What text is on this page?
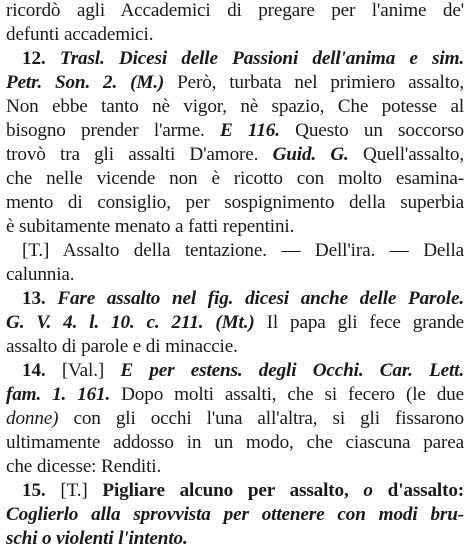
ricordò agli Accademici di pregare per l'anime de'
defunti accademici.
12. Trasl. Dicesi delle Passioni dell'anima e sim.
Petr. Son. 2. (M.) Però, turbata nel primiero assalto,
Non ebbe tanto nè vigor, nè spazio, Che potesse al
bisogno prender l'arme. E 116. Questo un soccorso
trovò tra gli assalti D'amore. Guid. G. Quell'assalto,
che nelle vicende non è ricotto con molto esamina-
mento di consiglio, per sospignimento della superbia
è subitamente menato a fatti repentini.
[T.] Assalto della tentazione. — Dell'ira. — Della
calunnia.
13. Fare assalto nel fig. dicesi anche delle Parole.
G. V. 4. l. 10. c. 211. (Mt.) Il papa gli fece grande
assalto di parole e di minaccie.
14. [Val.] E per estens. degli Occhi. Car. Lett.
fam. 1. 161. Dopo molti assalti, che si fecero (le due
donne) con gli occhi l'una all'altra, si gli fissarono
ultimamente addosso in un modo, che ciascuna parea
che dicesse: Renditi.
15. [T.] Pigliare alcuno per assalto, o d'assalto:
Coglierlo alla sprovvista per ottenere con modi bru-
schi o violenti l'intento.
